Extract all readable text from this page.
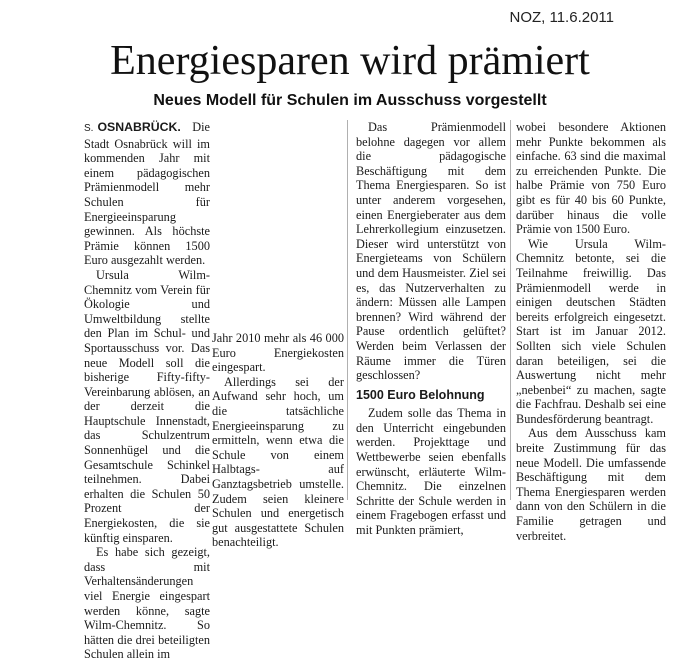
NOZ, 11.6.2011
Energiesparen wird prämiert
Neues Modell für Schulen im Ausschuss vorgestellt

S. OSNABRÜCK. Die Stadt Osnabrück will im kommenden Jahr mit einem pädagogischen Prämienmodell mehr Schulen für Energieeinsparung gewinnen. Als höchste Prämie können 1500 Euro ausgezahlt werden.

Ursula Wilm-Chemnitz vom Verein für Ökologie und Umweltbildung stellte den Plan im Schul- und Sportausschuss vor. Das neue Modell soll die bisherige Fifty-fifty-Vereinbarung ablösen, an der derzeit die Hauptschule Innenstadt, das Schulzentrum Sonnenhügel und die Gesamtschule Schinkel teilnehmen. Dabei erhalten die Schulen 50 Prozent der Energiekosten, die sie künftig einsparen.

Es habe sich gezeigt, dass mit Verhaltensänderungen viel Energie eingespart werden könne, sagte Wilm-Chemnitz. So hätten die drei beteiligten Schulen allein im

Jahr 2010 mehr als 46 000 Euro Energiekosten eingespart.

Allerdings sei der Aufwand sehr hoch, um die tatsächliche Energieeinsparung zu ermitteln, wenn etwa die Schule von einem Halbtags- auf Ganztagsbetrieb umstelle. Zudem seien kleinere Schulen und energetisch gut ausgestattete Schulen benachteiligt.

Das Prämienmodell belohne dagegen vor allem die pädagogische Beschäftigung mit dem Thema Energiesparen. So ist unter anderem vorgesehen, einen Energieberater aus dem Lehrerkollegium einzusetzen. Dieser wird unterstützt von Energieteams von Schülern und dem Hausmeister. Ziel sei es, das Nutzerverhalten zu ändern: Müssen alle Lampen brennen? Wird während der Pause ordentlich gelüftet? Werden beim Verlassen der Räume immer die Türen geschlossen?

1500 Euro Belohnung

Zudem solle das Thema in den Unterricht eingebunden werden. Projekttage und Wettbewerbe seien ebenfalls erwünscht, erläuterte Wilm-Chemnitz. Die einzelnen Schritte der Schule werden in einem Fragebogen erfasst und mit Punkten prämiert,

wobei besondere Aktionen mehr Punkte bekommen als einfache. 63 sind die maximal zu erreichenden Punkte. Die halbe Prämie von 750 Euro gibt es für 40 bis 60 Punkte, darüber hinaus die volle Prämie von 1500 Euro.

Wie Ursula Wilm-Chemnitz betonte, sei die Teilnahme freiwillig. Das Prämienmodell werde in einigen deutschen Städten bereits erfolgreich eingesetzt. Start ist im Januar 2012. Sollten sich viele Schulen daran beteiligen, sei die Auswertung nicht mehr „nebenbei“ zu machen, sagte die Fachfrau. Deshalb sei eine Bundesförderung beantragt.

Aus dem Ausschuss kam breite Zustimmung für das neue Modell. Die umfassende Beschäftigung mit dem Thema Energiesparen werden dann von den Schülern in die Familie getragen und verbreitet.
